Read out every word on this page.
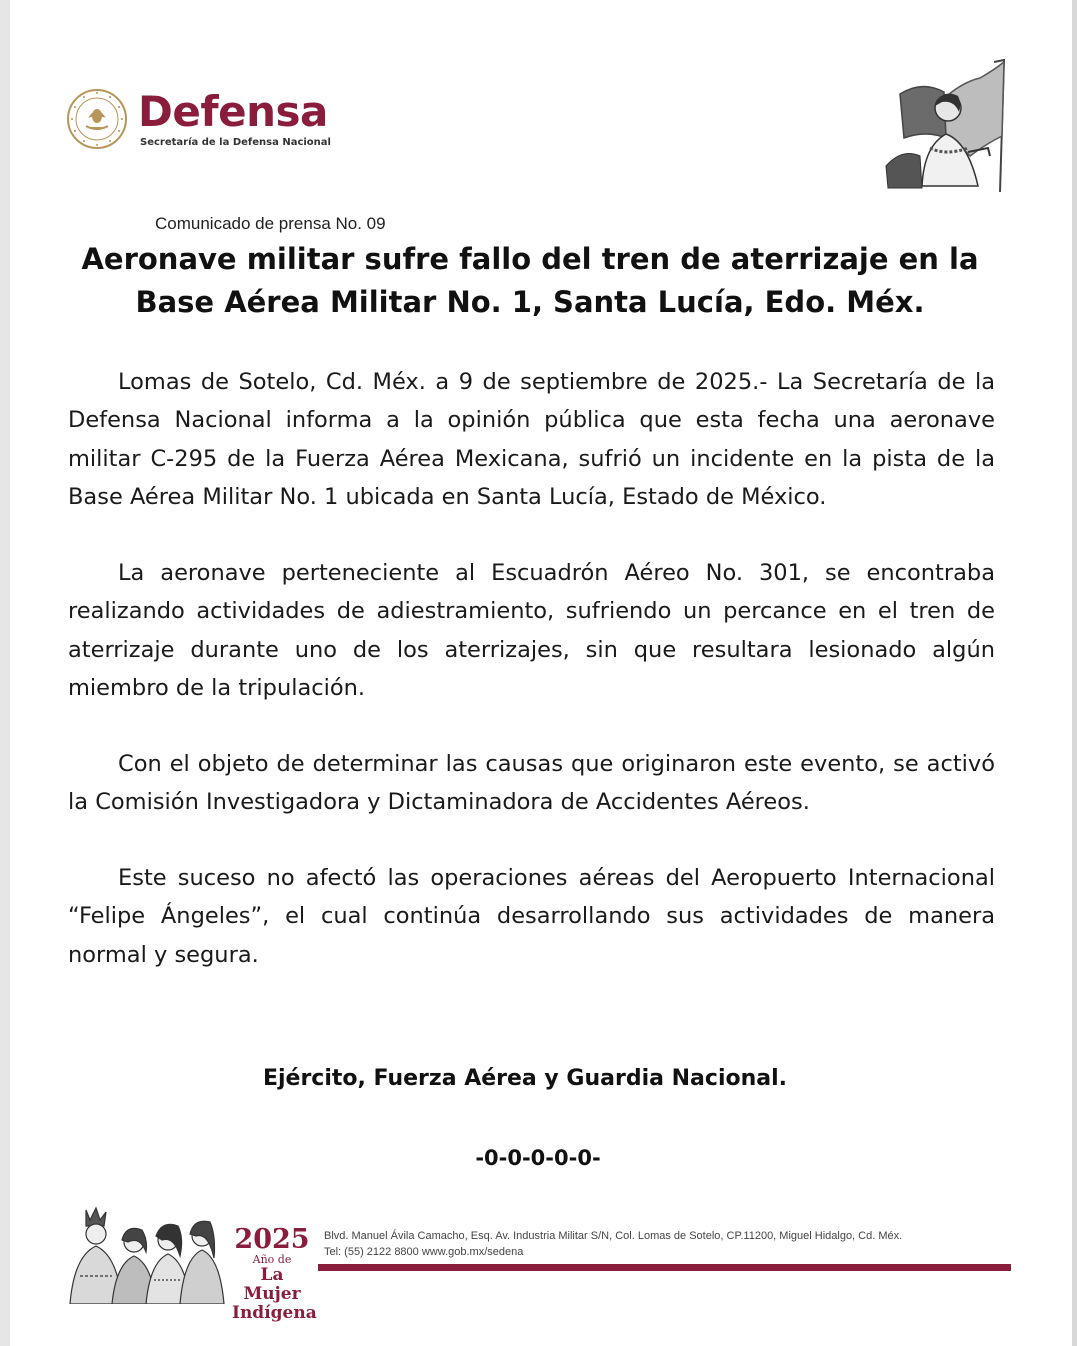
Defensa
Secretaría de la Defensa Nacional
Comunicado de prensa No. 09
Aeronave militar sufre fallo del tren de aterrizaje en la
Base Aérea Militar No. 1, Santa Lucía, Edo. Méx.

Lomas de Sotelo, Cd. Méx. a 9 de septiembre de 2025.- La Secretaría de la Defensa Nacional informa a la opinión pública que esta fecha una aeronave militar C-295 de la Fuerza Aérea Mexicana, sufrió un incidente en la pista de la Base Aérea Militar No. 1 ubicada en Santa Lucía, Estado de México.

La aeronave perteneciente al Escuadrón Aéreo No. 301, se encontraba realizando actividades de adiestramiento, sufriendo un percance en el tren de aterrizaje durante uno de los aterrizajes, sin que resultara lesionado algún miembro de la tripulación.

Con el objeto de determinar las causas que originaron este evento, se activó la Comisión Investigadora y Dictaminadora de Accidentes Aéreos.

Este suceso no afectó las operaciones aéreas del Aeropuerto Internacional “Felipe Ángeles”, el cual continúa desarrollando sus actividades de manera normal y segura.

Ejército, Fuerza Aérea y Guardia Nacional.
-0-0-0-0-0-
2025
Año de
La Mujer
Indígena
Blvd. Manuel Ávila Camacho, Esq. Av. Industria Militar S/N, Col. Lomas de Sotelo, CP.11200, Miguel Hidalgo, Cd. Méx.
Tel: (55) 2122 8800 www.gob.mx/sedena
